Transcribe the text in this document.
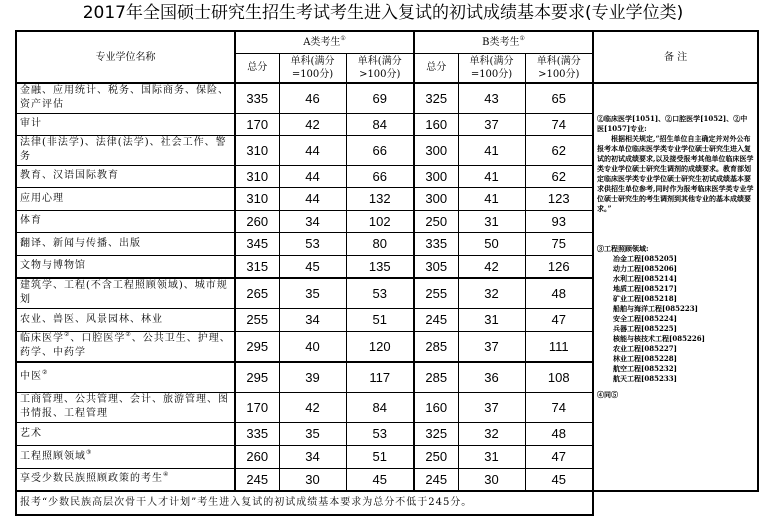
2017年全国硕士研究生招生考试考生进入复试的初试成绩基本要求(专业学位类)
专业学位名称	A类考生①			B类考生①			备 注
	总分	单科(满分=100分)	单科(满分>100分)	总分	单科(满分=100分)	单科(满分>100分)	
金融、应用统计、税务、国际商务、保险、资产评估	335	46	69	325	43	65	
②临床医学[1051]、②口腔医学[1052]、②中医[1057]专业:
根据相关规定,“招生单位自主确定并对外公布报考本单位临床医学类专业学位硕士研究生进入复试的初试成绩要求,以及接受报考其他单位临床医学类专业学位硕士研究生调剂的成绩要求。教育部划定临床医学类专业学位硕士研究生初试成绩基本要求供招生单位参考,同时作为报考临床医学类专业学位硕士研究生的考生调剂到其他专业的基本成绩要求。”
③工程照顾领域:
冶金工程[085205]
动力工程[085206]
水利工程[085214]
地质工程[085217]
矿业工程[085218]
船舶与海洋工程[085223]
安全工程[085224]
兵器工程[085225]
核能与核技术工程[085226]
农业工程[085227]
林业工程[085228]
航空工程[085232]
航天工程[085233]
④同⑤

审计	170	42	84	160	37	74	
法律(非法学)、法律(法学)、社会工作、警务	310	44	66	300	41	62	
教育、汉语国际教育	310	44	66	300	41	62	
应用心理	310	44	132	300	41	123	
体育	260	34	102	250	31	93	
翻译、新闻与传播、出版	345	53	80	335	50	75	
文物与博物馆	315	45	135	305	42	126	
建筑学、工程(不含工程照顾领域)、城市规划	265	35	53	255	32	48	
农业、兽医、风景园林、林业	255	34	51	245	31	47	
临床医学②、口腔医学②、公共卫生、护理、药学、中药学	295	40	120	285	37	111	
中医②	295	39	117	285	36	108	
工商管理、公共管理、会计、旅游管理、图书情报、工程管理	170	42	84	160	37	74	
艺术	335	35	53	325	32	48	
工程照顾领域③	260	34	51	250	31	47	
享受少数民族照顾政策的考生④	245	30	45	245	30	45	
报考“少数民族高层次骨干人才计划”考生进入复试的初试成绩基本要求为总分不低于245分。							
